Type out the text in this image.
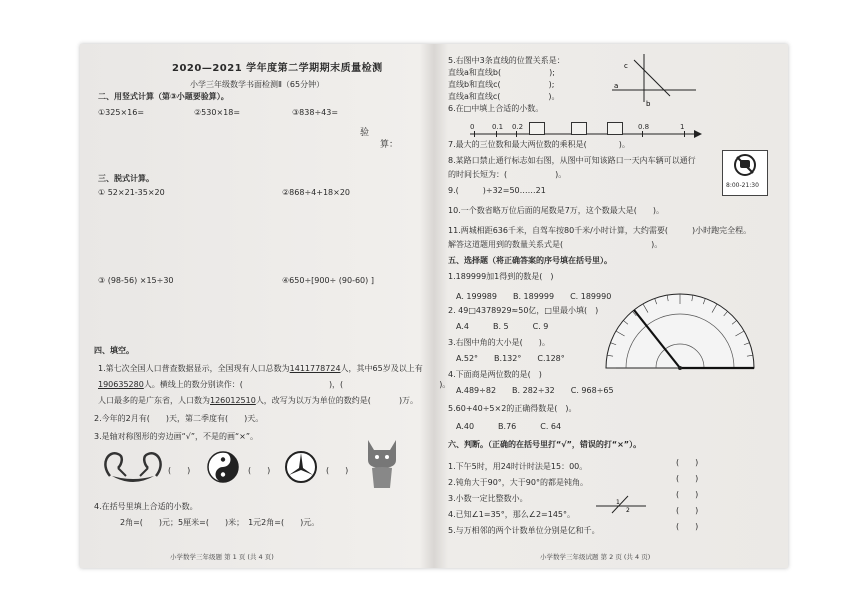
2020—2021 学年度第二学期期末质量检测
小学三年级数学书面检测Ⅱ（65分钟）
二、用竖式计算（第③小题要验算）。
①325×16=	②530×18=	③838÷43=
验
算：
三、脱式计算。
① 52×21-35×20	②868÷4+18×20
③ (98-56) ×15÷30	④650÷[900÷ (90-60) ]
四、填空。
1.第七次全国人口普查数据显示，全国现有人口总数为1411778724人，其中65岁及以上有
190635280人。横线上的数分别读作：(	)，(	)。
人口最多的是广东省，人口数为126012510人，改写为以万为单位的数约是(	)万。
2.今年的2月有(　　)天，第二季度有(　　)天。
3.是轴对称图形的旁边画“√”，不是的画“×”。
(　　)	(　　)	(　　)
4.在括号里填上合适的小数。
2角=(　　)元；5厘米=(　　)米；　1元2角=(　　)元。
小学数学三年级题 第 1 页 (共 4 页)
5.右图中3条直线的位置关系是：
直线a和直线b(　　　　　　);
直线b和直线c(　　　　　　);
直线a和直线c(　　　　　　)。
c
a
b
6.在□中填上合适的小数。
0	0.1 0.2	0.8	1
7.最大的三位数和最大两位数的乘积是(　　　　)。
8.某路口禁止通行标志如右图，从图中可知该路口一天内车辆可以通行
的时间长短为：(　　　　　　)。
8:00-21:30
9.(　　　)÷32=50……21
10.一个数省略万位后面的尾数是7万，这个数最大是(　　)。
11.两城相距636千米，自驾车按80千米/小时计算，大约需要(　　　)小时跑完全程。
解答这道题用到的数量关系式是(　　　　　　　　　　　)。
五、选择题（将正确答案的序号填在括号里）。
1.189999加1得到的数是(　)
A. 199989　　B. 189999　　C. 189990
2. 49□4378929≈50亿，□里最小填(　)
A.4　　　B. 5　　　C. 9
3.右图中角的大小是(　　)。
A.52°　　B.132°　　C.128°
4.下面商是两位数的是(　)
A.489÷82　　B. 282÷32　　C. 968÷65
5.60+40÷5×2的正确得数是(　)。
A.40　　　B.76　　　C. 64
六、判断。（正确的在括号里打“√”，错误的打“×”）。
1.下午5时，用24时计时法是15：00。
2.钝角大于90°，大于90°的都是钝角。
3.小数一定比整数小。
4.已知∠1=35°，那么∠2=145°。
5.与万相邻的两个计数单位分别是亿和千。
(　　)
(　　)
(　　)
(　　)
(　　)
1
2
小学数学三年级试题 第 2 页 (共 4 页)
